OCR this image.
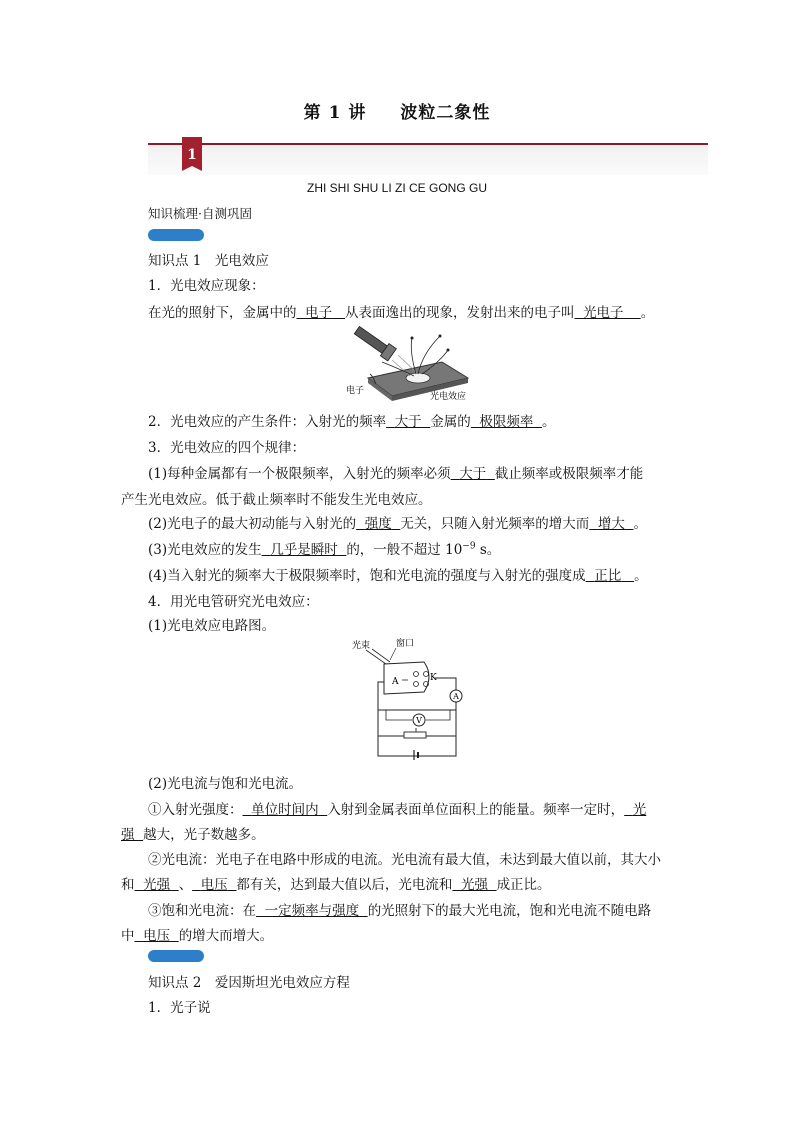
第 1 讲 波粒二象性
1
ZHI SHI SHU LI ZI CE GONG GU
知识梳理·自测巩固
知识点 1　光电效应
1．光电效应现象：
在光的照射下，金属中的 电子 从表面逸出的现象，发射出来的电子叫 光电子 。
电子
光电效应
2．光电效应的产生条件：入射光的频率 大于 金属的 极限频率 。
3．光电效应的四个规律：
(1)每种金属都有一个极限频率，入射光的频率必须 大于 截止频率或极限频率才能
产生光电效应。低于截止频率时不能发生光电效应。
(2)光电子的最大初动能与入射光的 强度 无关，只随入射光频率的增大而 增大 。
(3)光电效应的发生 几乎是瞬时 的，一般不超过 $10^{-9}$ s。
(4)当入射光的频率大于极限频率时，饱和光电流的强度与入射光的强度成 正比 。
4．用光电管研究光电效应：
(1)光电效应电路图。
光束	窗口
A	K
A
V
(2)光电流与饱和光电流。
①入射光强度： 单位时间内 入射到金属表面单位面积上的能量。频率一定时， 光
强 越大，光子数越多。
②光电流：光电子在电路中形成的电流。光电流有最大值，未达到最大值以前，其大小
和 光强 、 电压 都有关，达到最大值以后，光电流和 光强 成正比。
③饱和光电流：在 一定频率与强度 的光照射下的最大光电流，饱和光电流不随电路
中 电压 的增大而增大。
知识点 2　爱因斯坦光电效应方程
1．光子说
